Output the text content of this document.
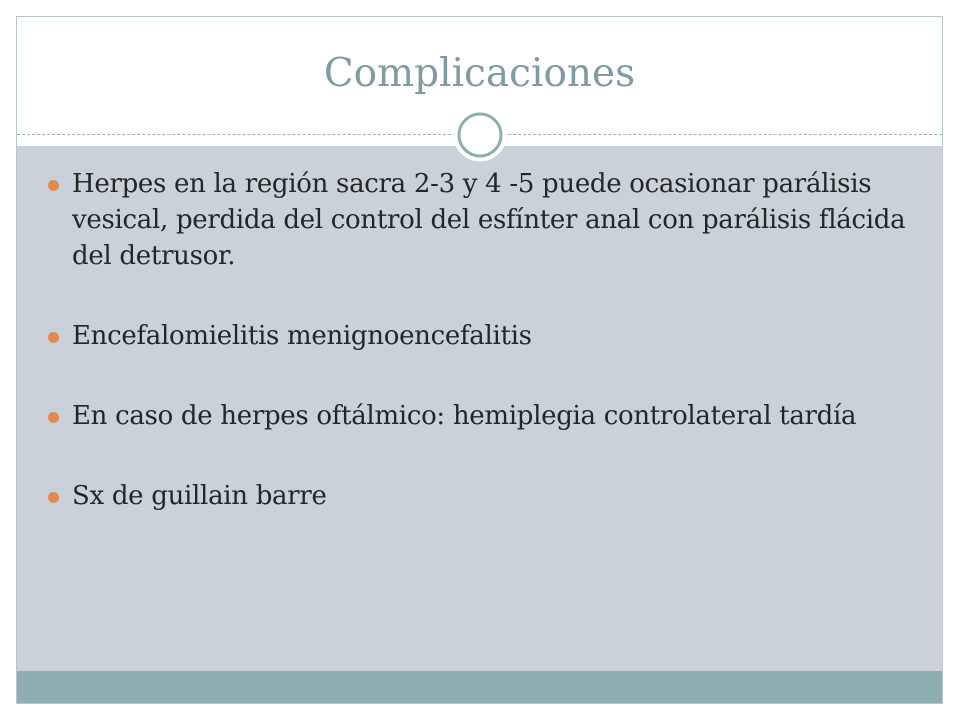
Complicaciones
Herpes en la región sacra 2-3 y 4 -5 puede ocasionar parálisis vesical, perdida del control del esfínter anal con parálisis flácida del detrusor.
Encefalomielitis menignoencefalitis
En caso de herpes oftálmico: hemiplegia controlateral tardía
Sx de guillain barre
